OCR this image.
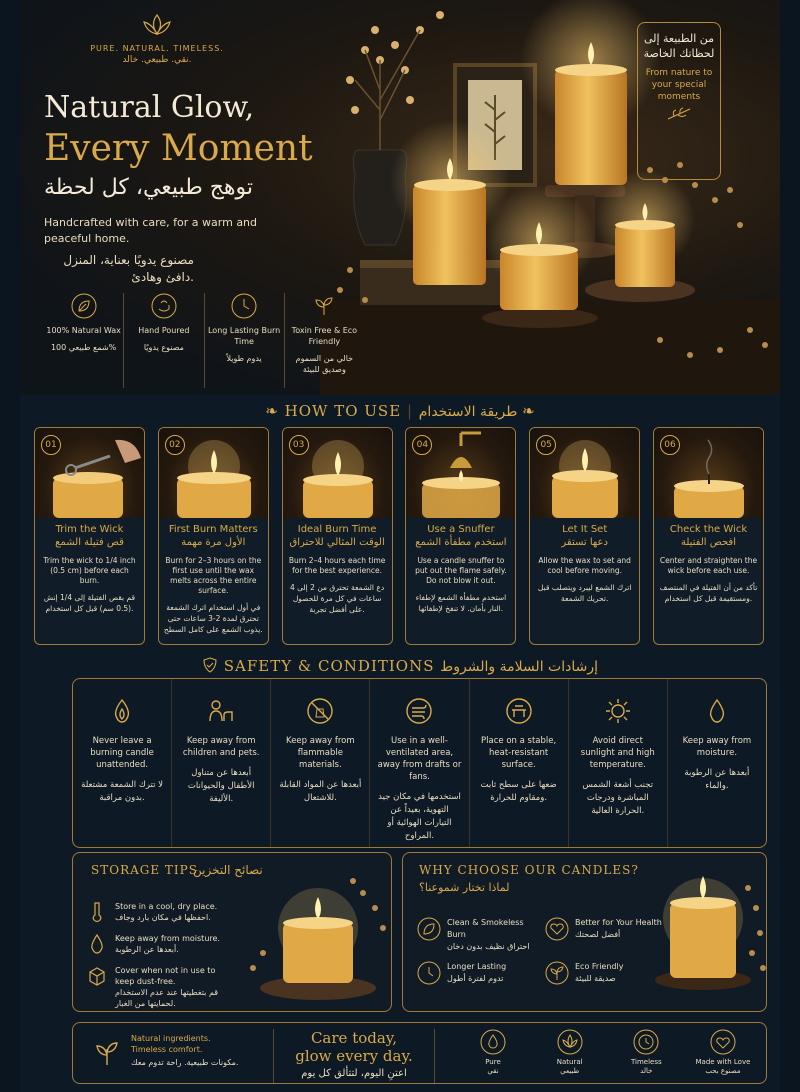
PURE. NATURAL. TIMELESS.
نقي. طبيعي. خالد.
Natural Glow,
Every Moment
توهج طبيعي، كل لحظة
Handcrafted with care, for a warm and peaceful home.
مصنوع يدويًا بعناية، المنزل دافئ وهادئ.
100% Natural Wax
شمع طبيعي 100%
Hand Poured
مصنوع يدويًا
Long Lasting Burn Time
يدوم طويلاً
Toxin Free & Eco Friendly
خالي من السموم وصديق للبيئة
من الطبيعة إلى لحظاتك الخاصة
From nature to your special moments
❧ HOW TO USE | طريقة الاستخدام ❧
01
Trim the Wick
قص فتيلة الشمع
Trim the wick to 1/4 inch (0.5 cm) before each burn.
قم بقص الفتيلة إلى 1/4 إنش (0.5 سم) قبل كل استخدام.
02
First Burn Matters
الأول مرة مهمة
Burn for 2–3 hours on the first use until the wax melts across the entire surface.
في أول استخدام اترك الشمعة تحترق لمدة 2-3 ساعات حتى يذوب الشمع على كامل السطح.
03
Ideal Burn Time
الوقت المثالي للاحتراق
Burn 2–4 hours each time for the best experience.
دع الشمعة تحترق من 2 إلى 4 ساعات في كل مرة للحصول على أفضل تجربة.
04
Use a Snuffer
استخدم مطفأة الشمع
Use a candle snuffer to put out the flame safely. Do not blow it out.
استخدم مطفأة الشمع لإطفاء النار بأمان. لا تنفخ لإطفائها.
05
Let It Set
دعها تستقر
Allow the wax to set and cool before moving.
اترك الشمع ليبرد ويتصلب قبل تحريك الشمعة.
06
Check the Wick
افحص الفتيلة
Center and straighten the wick before each use.
تأكد من أن الفتيلة في المنتصف ومستقيمة قبل كل استخدام.
SAFETY & CONDITIONS إرشادات السلامة والشروط
Never leave a burning candle unattended.
لا تترك الشمعة مشتعلة بدون مراقبة.
Keep away from children and pets.
أبعدها عن متناول الأطفال والحيوانات الأليفة.
Keep away from flammable materials.
أبعدها عن المواد القابلة للاشتعال.
Use in a well-ventilated area, away from drafts or fans.
استخدمها في مكان جيد التهوية، بعيداً عن التيارات الهوائية أو المراوح.
Place on a stable, heat-resistant surface.
ضعها على سطح ثابت ومقاوم للحرارة.
Avoid direct sunlight and high temperature.
تجنب أشعة الشمس المباشرة ودرجات الحرارة العالية.
Keep away from moisture.
أبعدها عن الرطوبة والماء.
STORAGE TIPS
نصائح التخزين
Store in a cool, dry place.
احفظها في مكان بارد وجاف.
Keep away from moisture.
أبعدها عن الرطوبة.
Cover when not in use to keep dust-free.
قم بتغطيتها عند عدم الاستخدام لحمايتها من الغبار.
WHY CHOOSE OUR CANDLES?
لماذا تختار شموعنا؟
Clean & Smokeless Burn
احتراق نظيف بدون دخان
Better for Your Health
أفضل لصحتك
Longer Lasting
تدوم لفترة أطول
Eco Friendly
صديقة للبيئة
Natural ingredients. Timeless comfort.
مكونات طبيعية. راحة تدوم معك.
Care today,
glow every day.
اعتنِ اليوم، لتتألق كل يوم
Pure
نقي
Natural
طبيعي
Timeless
خالد
Made with Love
مصنوع بحب
